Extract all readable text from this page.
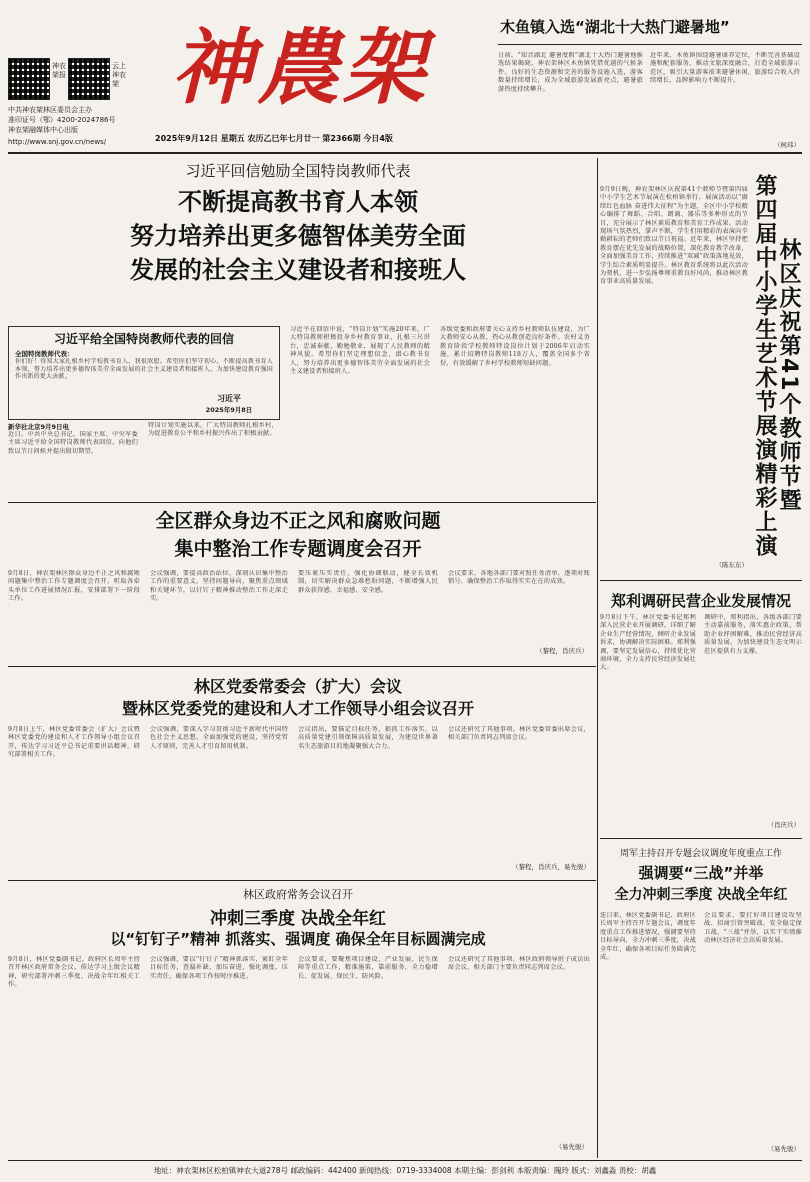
神农架报
云上神农架
中共神农架林区委员会主办
准印证号（鄂）4200-2024786号
神农架融媒体中心出版
http://www.snj.gov.cn/news/
神農架
2025年9月12日 星期五 农历乙巳年七月廿一 第2366期 今日4版
木鱼镇入选“湖北十大热门避暑地”
日前，“知音湖北 避暑度假”湖北十大热门避暑地推选结果揭晓，神农架林区木鱼镇凭借优越的气候条件、良好的生态资源和完善的服务设施入选，游客数量持续增长，成为全域旅游发展新亮点，避暑旅游热度持续攀升。
近年来，木鱼镇围绕避暑康养定位，不断完善基础设施和配套服务，推动文旅深度融合，打造全域旅游示范区，吸引大量游客前来避暑休闲，旅游综合收入持续增长，品牌影响力不断提升。
（柯玮）
习近平回信勉励全国特岗教师代表
不断提高教书育人本领
努力培养出更多德智体美劳全面
发展的社会主义建设者和接班人
习近平给全国特岗教师代表的回信
全国特岗教师代表：
你们好！得知大家扎根乡村学校教书育人，我很欣慰。希望你们坚守初心，不断提高教书育人本领，努力培养出更多德智体美劳全面发展的社会主义建设者和接班人，为加快建设教育强国作出新的更大贡献。
习近平
2025年9月8日
新华社北京9月9日电
近日，中共中央总书记、国家主席、中央军委主席习近平给全国特岗教师代表回信，向他们致以节日问候并提出殷切期望。
特岗计划实施以来，广大特岗教师扎根乡村，为促进教育公平和乡村振兴作出了积极贡献。
习近平在回信中说，“特岗计划”实施20年来，广大特岗教师积极投身乡村教育事业，扎根三尺讲台，忠诚奉献、勤勉敬业，展现了人民教师的精神风貌。希望你们坚定理想信念，潜心教书育人，努力培养出更多德智体美劳全面发展的社会主义建设者和接班人。
各级党委和政府要关心支持乡村教师队伍建设，为广大教师安心从教、热心从教创造良好条件。农村义务教育阶段学校教师特设岗位计划于2006年启动实施，累计招聘特岗教师118万人，覆盖全国多个省份，有效缓解了乡村学校教师短缺问题。
9月9日晚，神农架林区庆祝第41个教师节暨第四届中小学生艺术节展演在松柏镇举行。展演活动以“赓续红色血脉 奋进伟大征程”为主题，全区中小学校精心编排了舞蹈、合唱、朗诵、器乐等多种形式的节目，充分展示了林区素质教育和美育工作成果。活动现场气氛热烈，掌声不断，学生们用精彩的表演向辛勤耕耘的老师们致以节日祝福。近年来，林区坚持把教育摆在优先发展的战略位置，深化教育教学改革，全面加强美育工作，持续推进“双减”政策落地见效，学生综合素质明显提升。林区教育系统将以此次活动为契机，进一步弘扬尊师重教良好风尚，推动林区教育事业高质量发展。	第四届中小学生艺术节展演精彩上演 林区庆祝第41个教师节暨
（陈东东）
全区群众身边不正之风和腐败问题
集中整治工作专题调度会召开
9月8日，神农架林区群众身边不正之风和腐败问题集中整治工作专题调度会召开，听取各牵头单位工作进展情况汇报，安排部署下一阶段工作。
会议强调，要提高政治站位，深刻认识集中整治工作的重要意义，坚持问题导向，聚焦重点领域和关键环节，以钉钉子精神推动整治工作走深走实。
要压紧压实责任，强化协调联动，健全长效机制，切实解决群众急难愁盼问题，不断增强人民群众获得感、幸福感、安全感。
会议要求，各地各部门要对照任务清单，逐项对账销号，确保整治工作取得实实在在的成效。
（黎程，肖庆兵）
郑利调研民营企业发展情况
9月8日下午，林区党委书记郑利深入民营企业开展调研，详细了解企业生产经营情况，倾听企业发展诉求，协调解决实际困难。郑利强调，要坚定发展信心，持续优化营商环境，全力支持民营经济发展壮大。
调研中，郑利指出，各级各部门要主动靠前服务，落实惠企政策，帮助企业纾困解难，推动民营经济高质量发展，为加快建设生态文明示范区提供有力支撑。
（肖庆兵）
林区党委常委会（扩大）会议
暨林区党委党的建设和人才工作领导小组会议召开
9月8日上午，林区党委常委会（扩大）会议暨林区党委党的建设和人才工作领导小组会议召开，传达学习习近平总书记重要讲话精神，研究部署相关工作。
会议强调，要深入学习贯彻习近平新时代中国特色社会主义思想，全面加强党的建设，坚持党管人才原则，完善人才引育留用机制。
会议指出，要锚定目标任务，狠抓工作落实，以高质量党建引领保障高质量发展，为建设世界著名生态旅游目的地凝聚强大合力。
会议还研究了其他事项。林区党委常委出席会议，相关部门负责同志列席会议。
（黎程，肖庆兵，易先骏）
周军主持召开专题会议调度年度重点工作
强调要“三战”并举
全力冲刺三季度 决战全年红
连日来，林区党委副书记、政府区长周军主持召开专题会议，调度年度重点工作推进情况，强调要坚持目标导向，全力冲刺三季度，决战全年红，确保各项目标任务圆满完成。
会议要求，要打好项目建设攻坚战、招商引资突破战、安全稳定保卫战，“三战”并举，以实干实绩推动林区经济社会高质量发展。
（易先骏）
林区政府常务会议召开
冲刺三季度 决战全年红
以“钉钉子”精神 抓落实、强调度 确保全年目标圆满完成
9月8日，林区党委副书记、政府区长周军主持召开林区政府常务会议，传达学习上级会议精神，研究部署冲刺三季度、决战全年红相关工作。
会议强调，要以“钉钉子”精神抓落实，紧盯全年目标任务，查漏补缺、加压奋进，强化调度、压实责任，确保各项工作按时序推进。
会议要求，要聚焦项目建设、产业发展、民生保障等重点工作，精准施策、靠前服务，全力稳增长、促发展、保民生、防风险。
会议还研究了其他事项。林区政府领导班子成员出席会议，相关部门主要负责同志列席会议。
（易先骏）
地址：神农架林区松柏镇神农大道278号 邮政编码：442400 新闻热线：0719-3334008 本期主编：彭剑利 本版责编：隗玲 版式：刘鑫淼 责校：胡鑫
